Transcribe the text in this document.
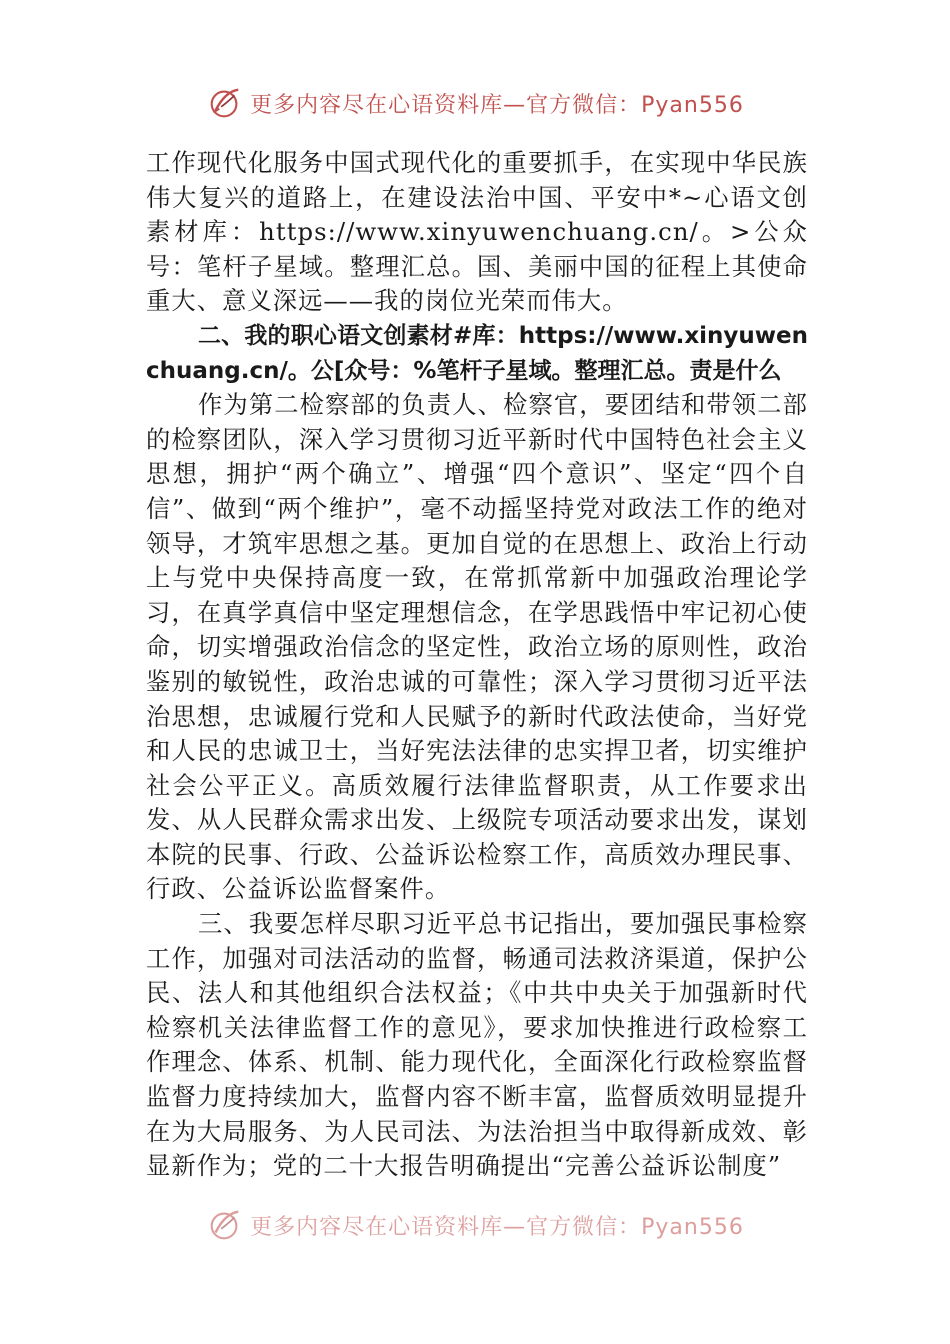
更多内容尽在心语资料库—官方微信：Pyan556

工作现代化服务中国式现代化的重要抓手，在实现中华民族伟大复兴的道路上，在建设法治中国、平安中*~心语文创素材库：https://www.xinyuwenchuang.cn/。>公众号：笔杆子星域。整理汇总。国、美丽中国的征程上其使命重大、意义深远——我的岗位光荣而伟大。

二、我的职心语文创素材#库：https://www.xinyuwenchuang.cn/。公[众号：%笔杆子星域。整理汇总。责是什么

作为第二检察部的负责人、检察官，要团结和带领二部的检察团队，深入学习贯彻习近平新时代中国特色社会主义思想，拥护“两个确立”、增强“四个意识”、坚定“四个自信”、做到“两个维护”，毫不动摇坚持党对政法工作的绝对领导，才筑牢思想之基。更加自觉的在思想上、政治上行动上与党中央保持高度一致，在常抓常新中加强政治理论学习，在真学真信中坚定理想信念，在学思践悟中牢记初心使命，切实增强政治信念的坚定性，政治立场的原则性，政治鉴别的敏锐性，政治忠诚的可靠性；深入学习贯彻习近平法治思想，忠诚履行党和人民赋予的新时代政法使命，当好党和人民的忠诚卫士，当好宪法法律的忠实捍卫者，切实维护社会公平正义。高质效履行法律监督职责，从工作要求出发、从人民群众需求出发、上级院专项活动要求出发，谋划本院的民事、行政、公益诉讼检察工作，高质效办理民事、行政、公益诉讼监督案件。

三、我要怎样尽职习近平总书记指出，要加强民事检察工作，加强对司法活动的监督，畅通司法救济渠道，保护公民、法人和其他组织合法权益；《中共中央关于加强新时代检察机关法律监督工作的意见》，要求加快推进行政检察工作理念、体系、机制、能力现代化，全面深化行政检察监督监督力度持续加大，监督内容不断丰富，监督质效明显提升在为大局服务、为人民司法、为法治担当中取得新成效、彰显新作为；党的二十大报告明确提出“完善公益诉讼制度”

更多内容尽在心语资料库—官方微信：Pyan556
